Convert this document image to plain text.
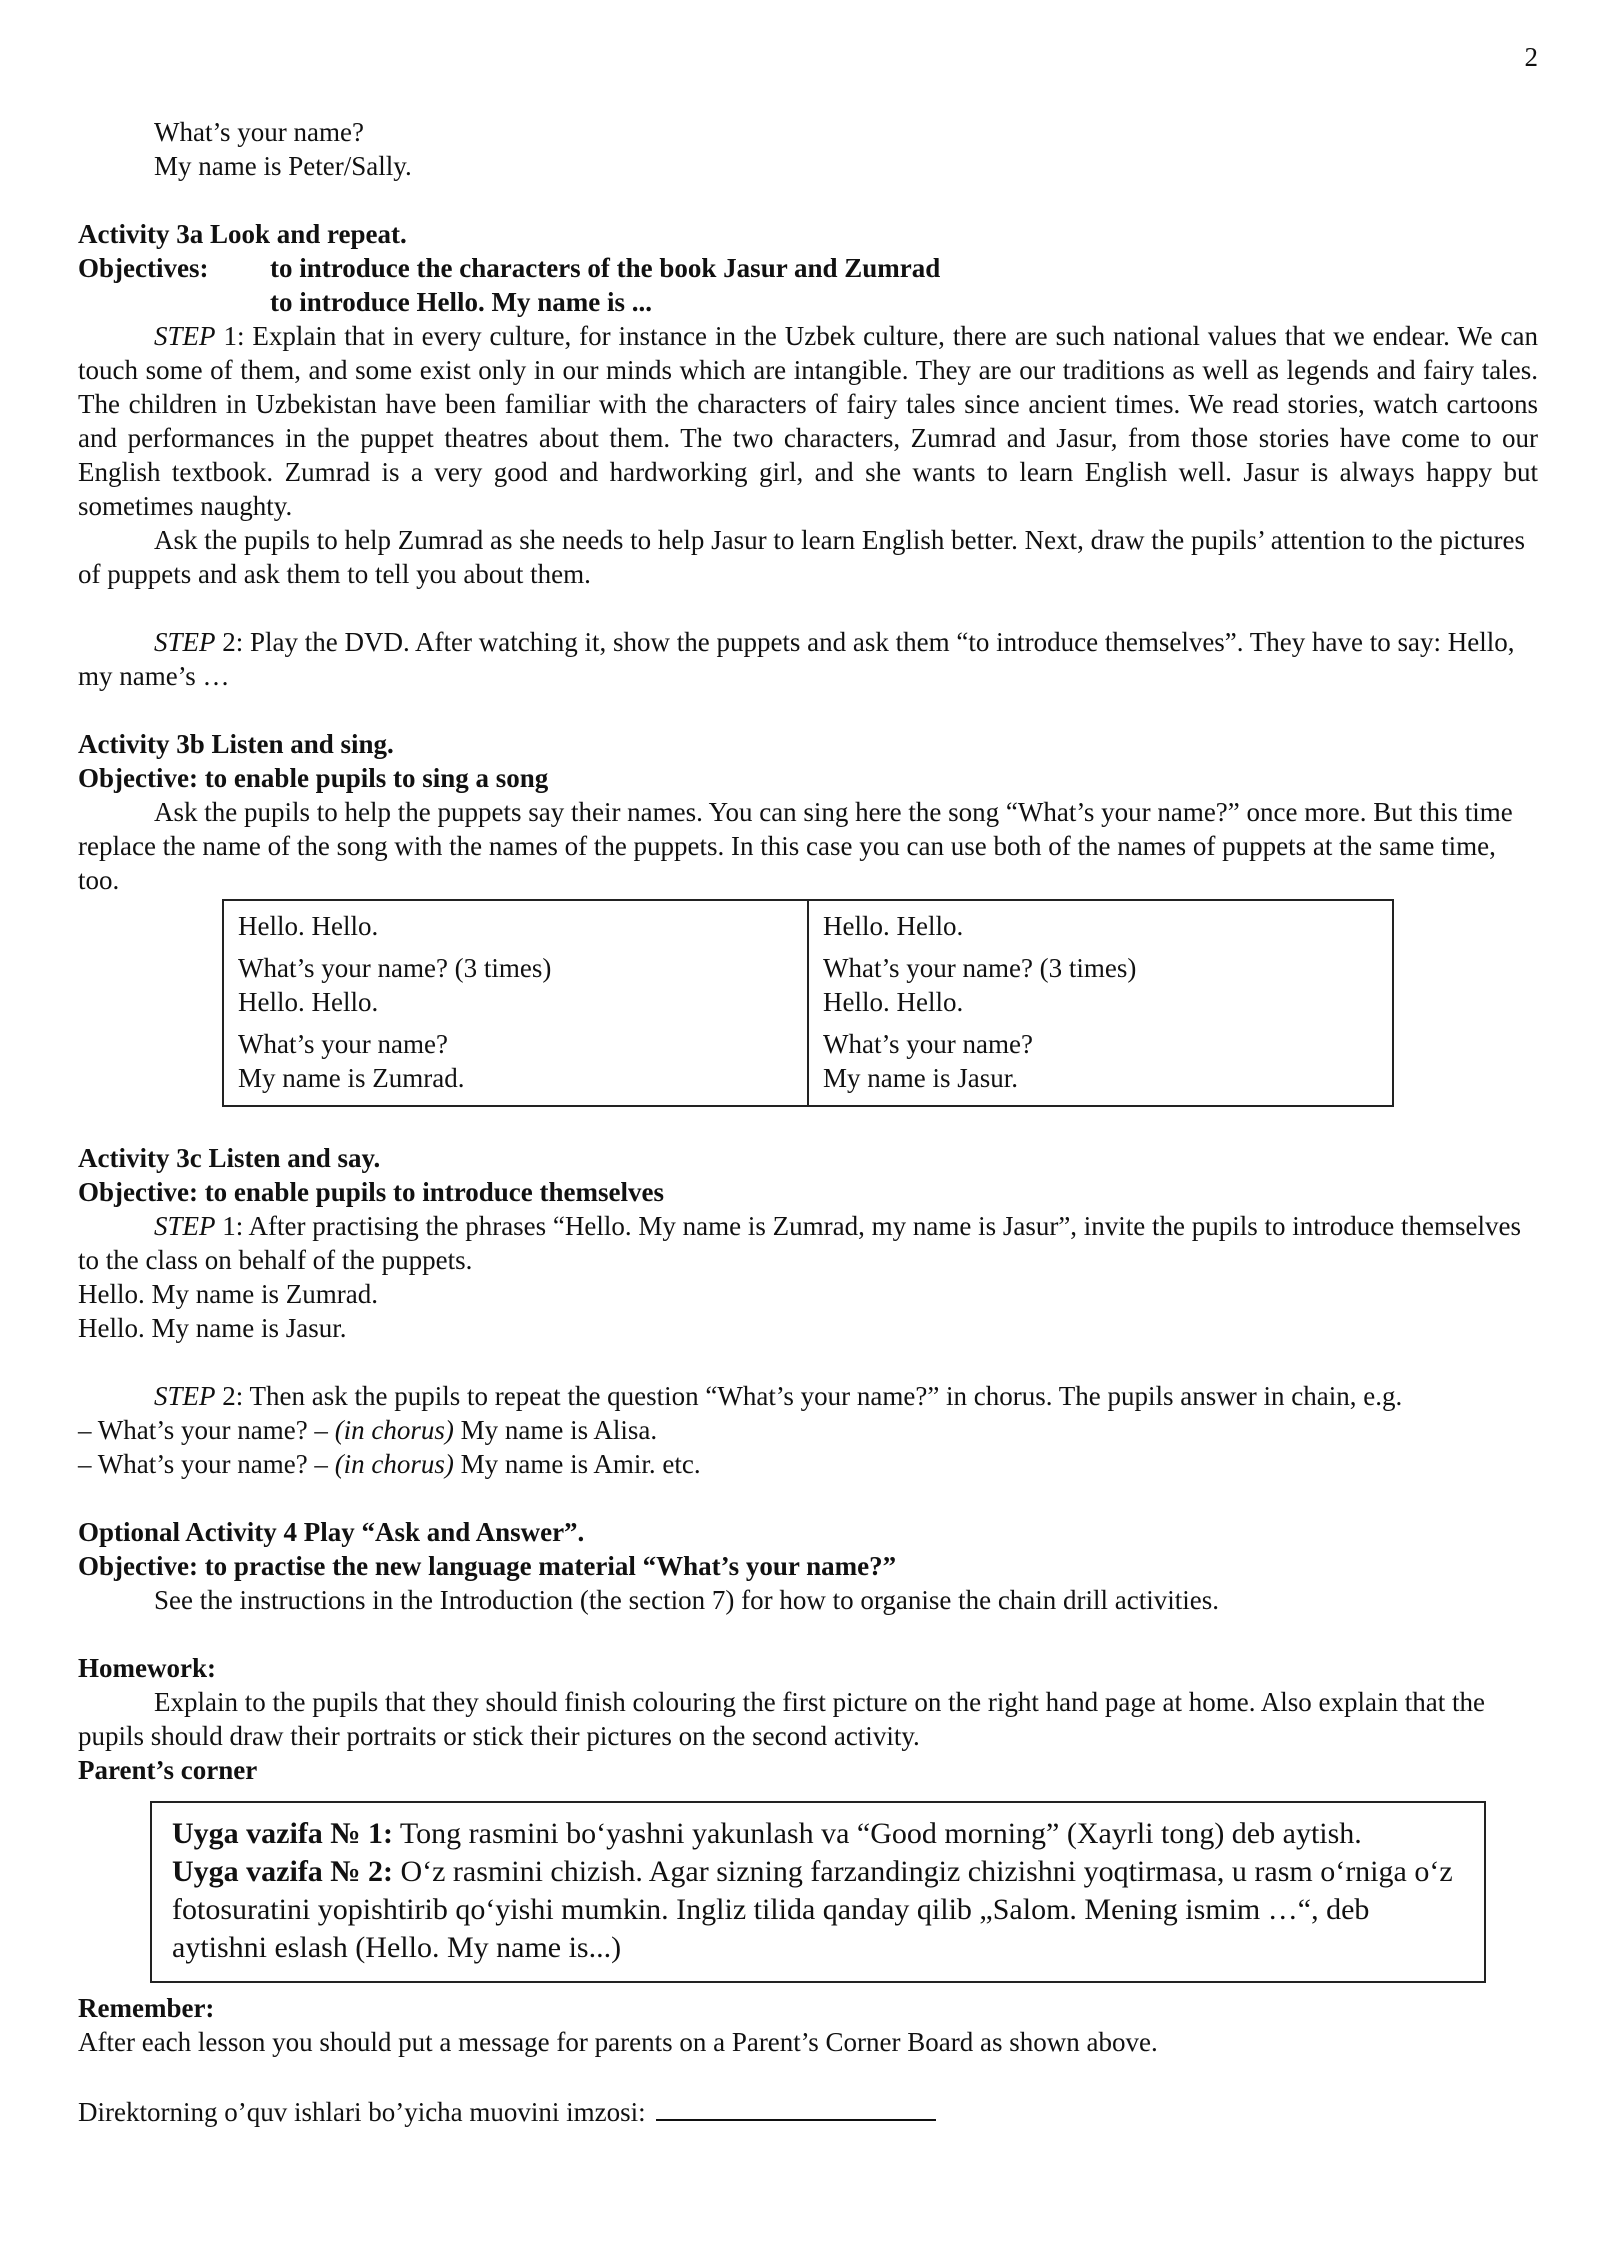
2
What’s your name?
My name is Peter/Sally.
Activity 3a Look and repeat.
Objectives:	to introduce the characters of the book Jasur and Zumrad
to introduce Hello. My name is ...

STEP 1: Explain that in every culture, for instance in the Uzbek culture, there are such national values that we endear. We can touch some of them, and some exist only in our minds which are intangible. They are our traditions as well as legends and fairy tales. The children in Uzbekistan have been familiar with the characters of fairy tales since ancient times. We read stories, watch cartoons and performances in the puppet theatres about them. The two characters, Zumrad and Jasur, from those stories have come to our English textbook. Zumrad is a very good and hardworking girl, and she wants to learn English well. Jasur is always happy but sometimes naughty.

Ask the pupils to help Zumrad as she needs to help Jasur to learn English better. Next, draw the pupils’ attention to the pictures of puppets and ask them to tell you about them.

STEP 2: Play the DVD. After watching it, show the puppets and ask them “to introduce themselves”. They have to say: Hello, my name’s …

Activity 3b Listen and sing.
Objective: to enable pupils to sing a song

Ask the pupils to help the puppets say their names. You can sing here the song “What’s your name?” once more. But this time replace the name of the song with the names of the puppets. In this case you can use both of the names of puppets at the same time, too.

Hello. Hello.
What’s your name? (3 times)
Hello. Hello.
What’s your name?
My name is Zumrad.

Hello. Hello.
What’s your name? (3 times)
Hello. Hello.
What’s your name?
My name is Jasur.
Activity 3c Listen and say.
Objective: to enable pupils to introduce themselves

STEP 1: After practising the phrases “Hello. My name is Zumrad, my name is Jasur”, invite the pupils to introduce themselves to the class on behalf of the puppets.

Hello. My name is Zumrad.
Hello. My name is Jasur.

STEP 2: Then ask the pupils to repeat the question “What’s your name?” in chorus. The pupils answer in chain, e.g.

– What’s your name? – (in chorus) My name is Alisa.
– What’s your name? – (in chorus) My name is Amir. etc.
Optional Activity 4 Play “Ask and Answer”.
Objective: to practise the new language material “What’s your name?”

See the instructions in the Introduction (the section 7) for how to organise the chain drill activities.

Homework:

Explain to the pupils that they should finish colouring the first picture on the right hand page at home. Also explain that the pupils should draw their portraits or stick their pictures on the second activity.

Parent’s corner
Uyga vazifa № 1: Tong rasmini bo‘yashni yakunlash va “Good morning” (Xayrli tong) deb aytish.
Uyga vazifa № 2: O‘z rasmini chizish. Agar sizning farzandingiz chizishni yoqtirmasa, u rasm o‘rniga o‘z fotosuratini yopishtirib qo‘yishi mumkin. Ingliz tilida qanday qilib „Salom. Mening ismim …“, deb aytishni eslash (Hello. My name is...)
Remember:
After each lesson you should put a message for parents on a Parent’s Corner Board as shown above.
Direktorning o’quv ishlari bo’yicha muovini imzosi:
